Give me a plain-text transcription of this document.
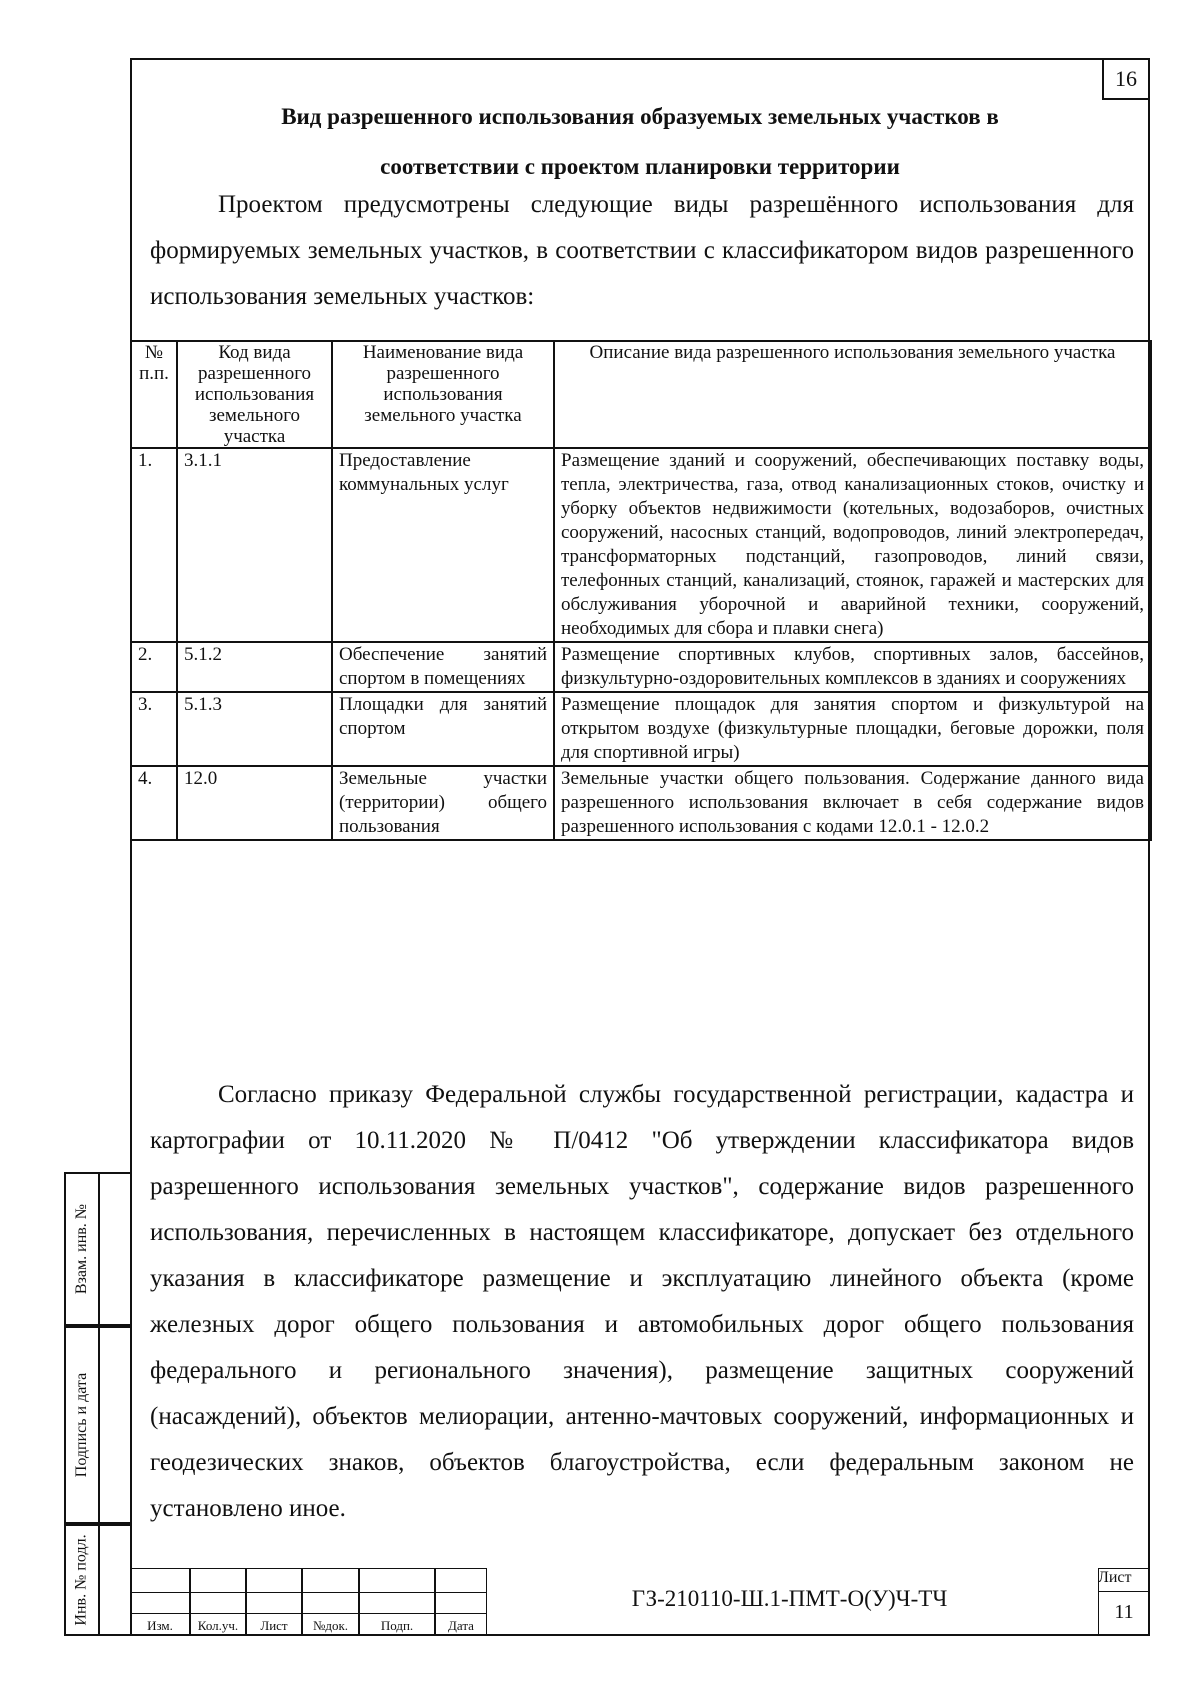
16
Вид разрешенного использования образуемых земельных участков в
соответствии с проектом планировки территории
Проектом предусмотрены следующие виды разрешённого использования для формируемых земельных участков, в соответствии с классификатором видов разрешенного использования земельных участков:
№ п.п.	Код вида разрешенного использования земельного участка	Наименование вида разрешенного использования земельного участка	Описание вида разрешенного использования земельного участка
1.	3.1.1	Предоставление коммунальных услуг	Размещение зданий и сооружений, обеспечивающих поставку воды, тепла, электричества, газа, отвод канализационных стоков, очистку и уборку объектов недвижимости (котельных, водозаборов, очистных сооружений, насосных станций, водопроводов, линий электропередач, трансформаторных подстанций, газопроводов, линий связи, телефонных станций, канализаций, стоянок, гаражей и мастерских для обслуживания уборочной и аварийной техники, сооружений, необходимых для сбора и плавки снега)
2.	5.1.2	Обеспечение занятий спортом в помещениях	Размещение спортивных клубов, спортивных залов, бассейнов, физкультурно-оздоровительных комплексов в зданиях и сооружениях
3.	5.1.3	Площадки для занятий спортом	Размещение площадок для занятия спортом и физкультурой на открытом воздухе (физкультурные площадки, беговые дорожки, поля для спортивной игры)
4.	12.0	Земельные участки (территории) общего пользования	Земельные участки общего пользования. Содержание данного вида разрешенного использования включает в себя содержание видов разрешенного использования с кодами 12.0.1 - 12.0.2
Согласно приказу Федеральной службы государственной регистрации, кадастра и картографии от 10.11.2020 № П/0412 "Об утверждении классификатора видов разрешенного использования земельных участков", содержание видов разрешенного использования, перечисленных в настоящем классификаторе, допускает без отдельного указания в классификаторе размещение и эксплуатацию линейного объекта (кроме железных дорог общего пользования и автомобильных дорог общего пользования федерального и регионального значения), размещение защитных сооружений (насаждений), объектов мелиорации, антенно-мачтовых сооружений, информационных и геодезических знаков, объектов благоустройства, если федеральным законом не установлено иное.
Взам. инв. №
Подпись и дата
Инв. № подл.	Изм.	Кол.уч.	Лист	№док.	Подп.	Дата
ГЗ-210110-Ш.1-ПМТ-О(У)Ч-ТЧ
Лист
11
